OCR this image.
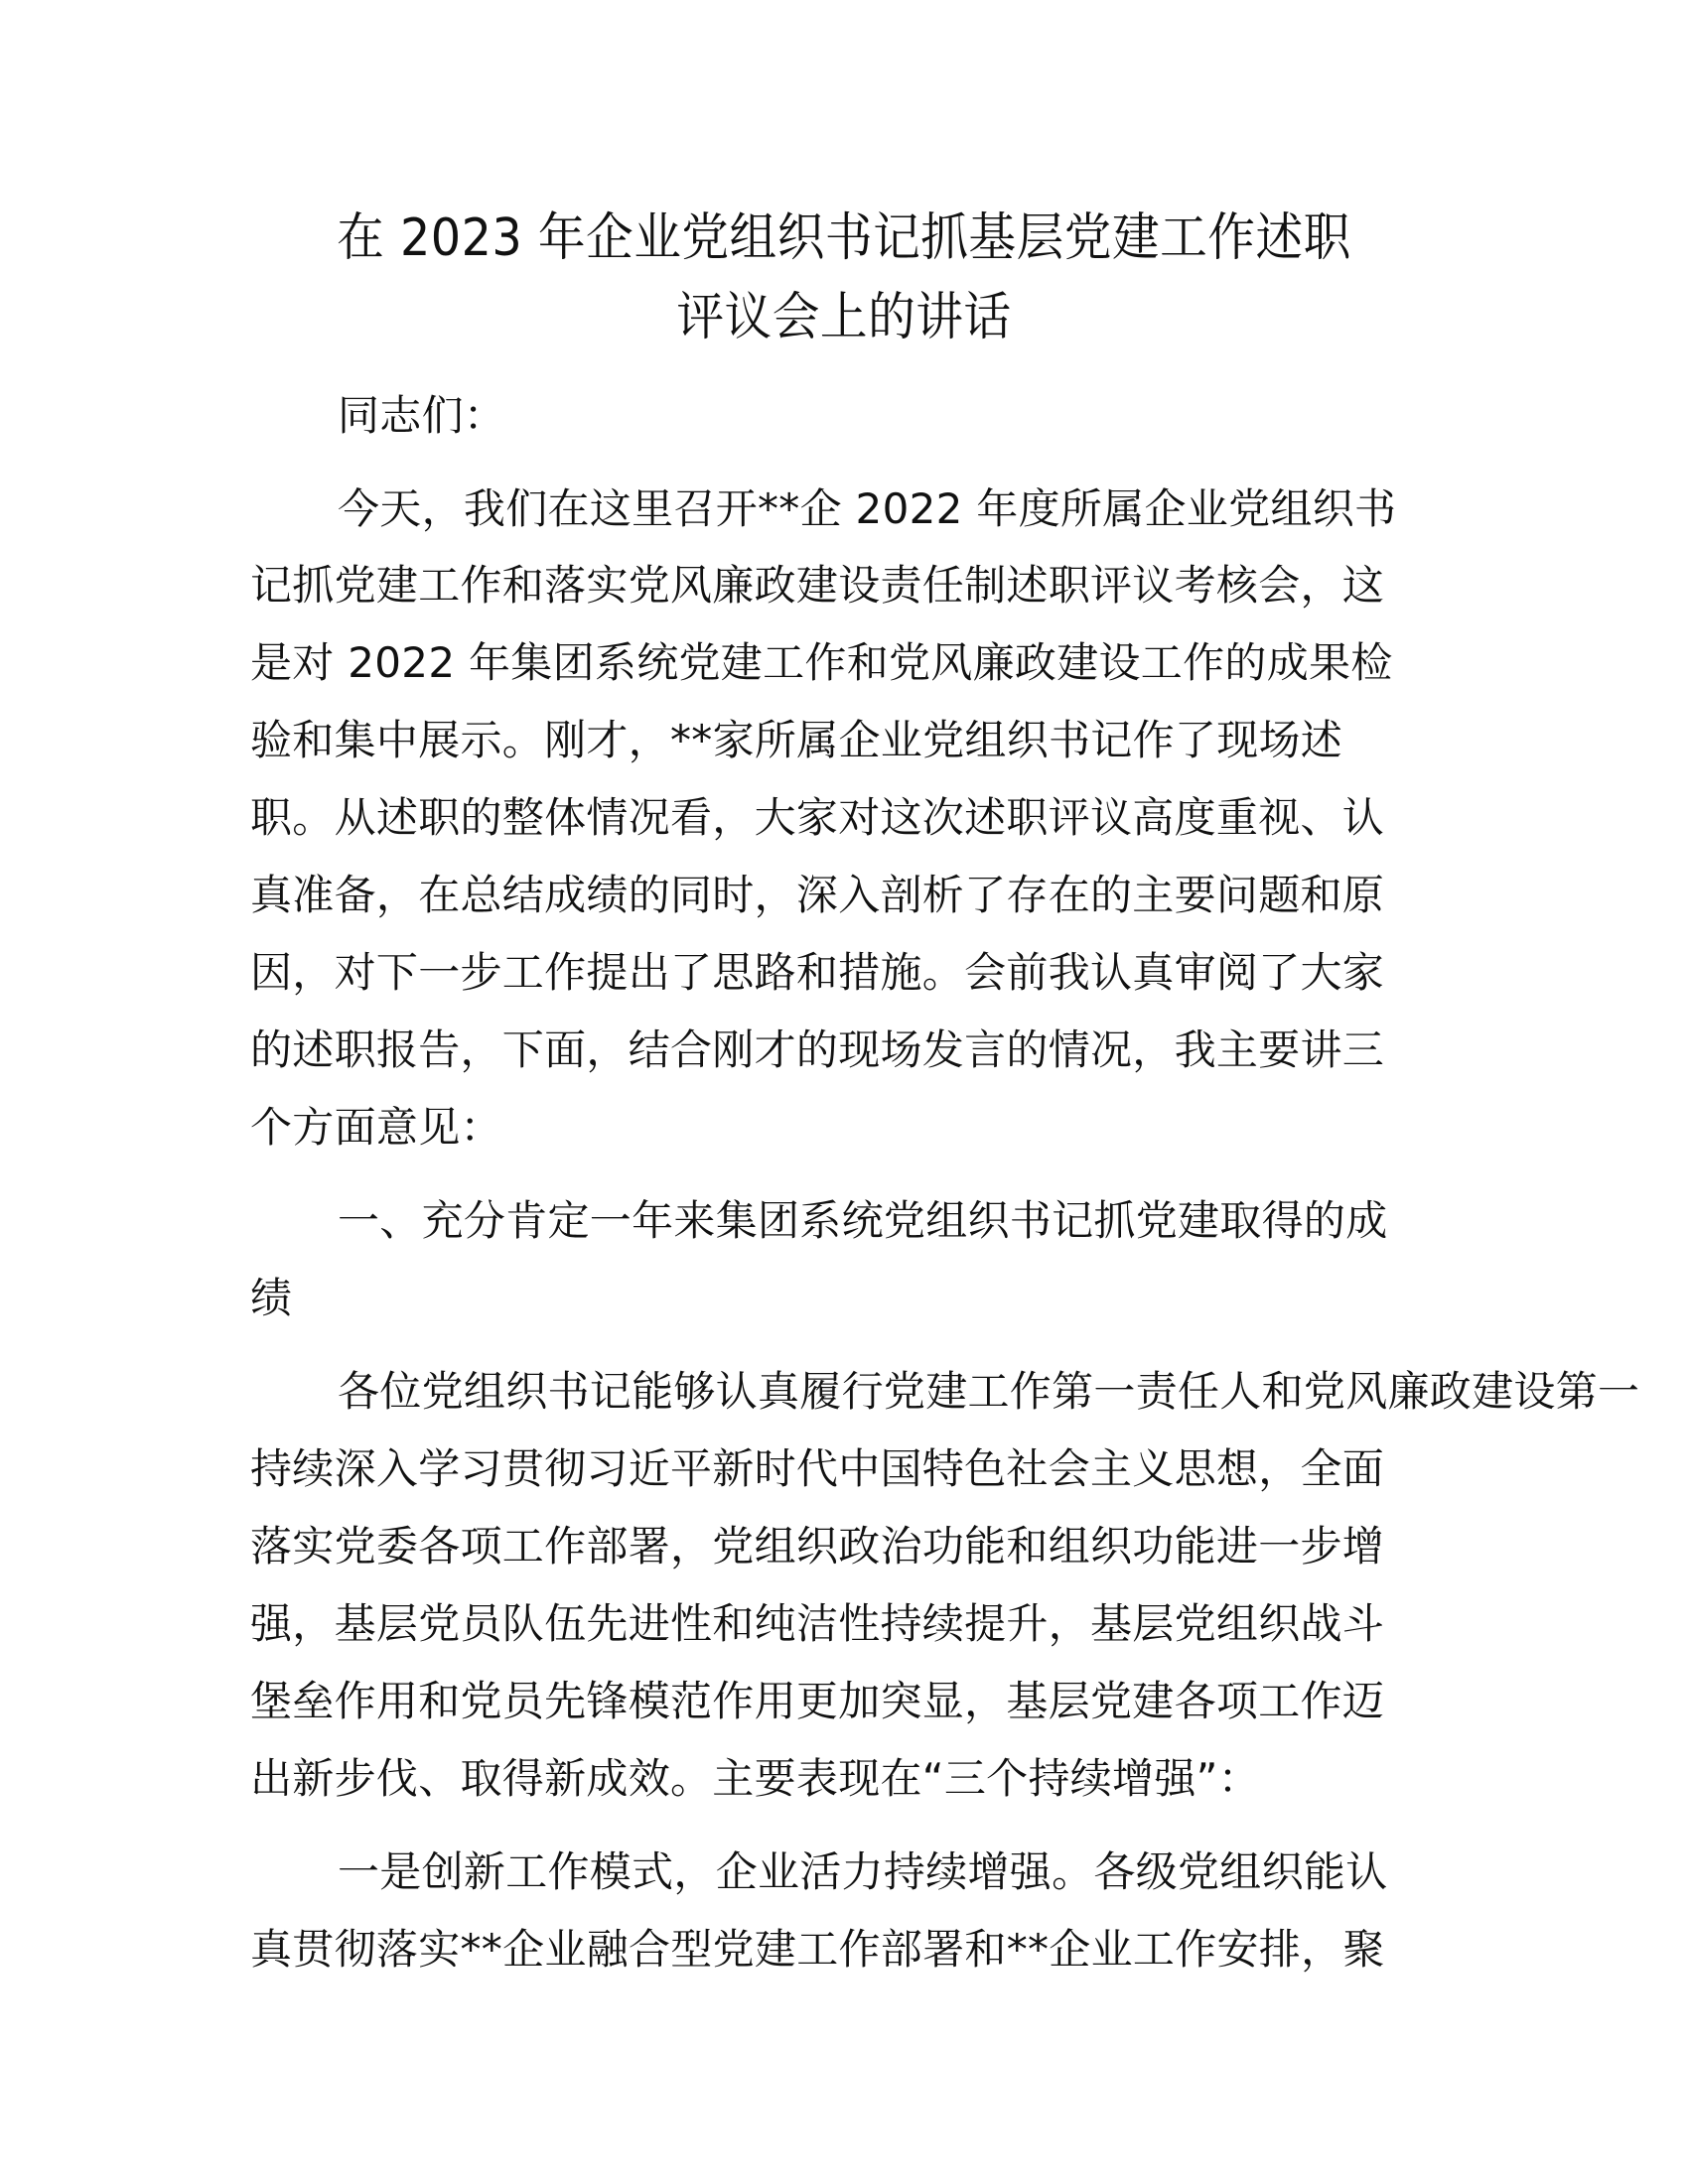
在 2023 年企业党组织书记抓基层党建工作述职
评议会上的讲话
同志们：
今天，我们在这里召开**企 2022 年度所属企业党组织书
记抓党建工作和落实党风廉政建设责任制述职评议考核会，这
是对 2022 年集团系统党建工作和党风廉政建设工作的成果检
验和集中展示。刚才，**家所属企业党组织书记作了现场述
职。从述职的整体情况看，大家对这次述职评议高度重视、认
真准备，在总结成绩的同时，深入剖析了存在的主要问题和原
因，对下一步工作提出了思路和措施。会前我认真审阅了大家
的述职报告，下面，结合刚才的现场发言的情况，我主要讲三
个方面意见：
一、充分肯定一年来集团系统党组织书记抓党建取得的成
绩
各位党组织书记能够认真履行党建工作第一责任人和党风廉政建设第一
持续深入学习贯彻习近平新时代中国特色社会主义思想，全面
落实党委各项工作部署，党组织政治功能和组织功能进一步增
强，基层党员队伍先进性和纯洁性持续提升，基层党组织战斗
堡垒作用和党员先锋模范作用更加突显，基层党建各项工作迈
出新步伐、取得新成效。主要表现在“三个持续增强”：
一是创新工作模式，企业活力持续增强。各级党组织能认
真贯彻落实**企业融合型党建工作部署和**企业工作安排，聚
